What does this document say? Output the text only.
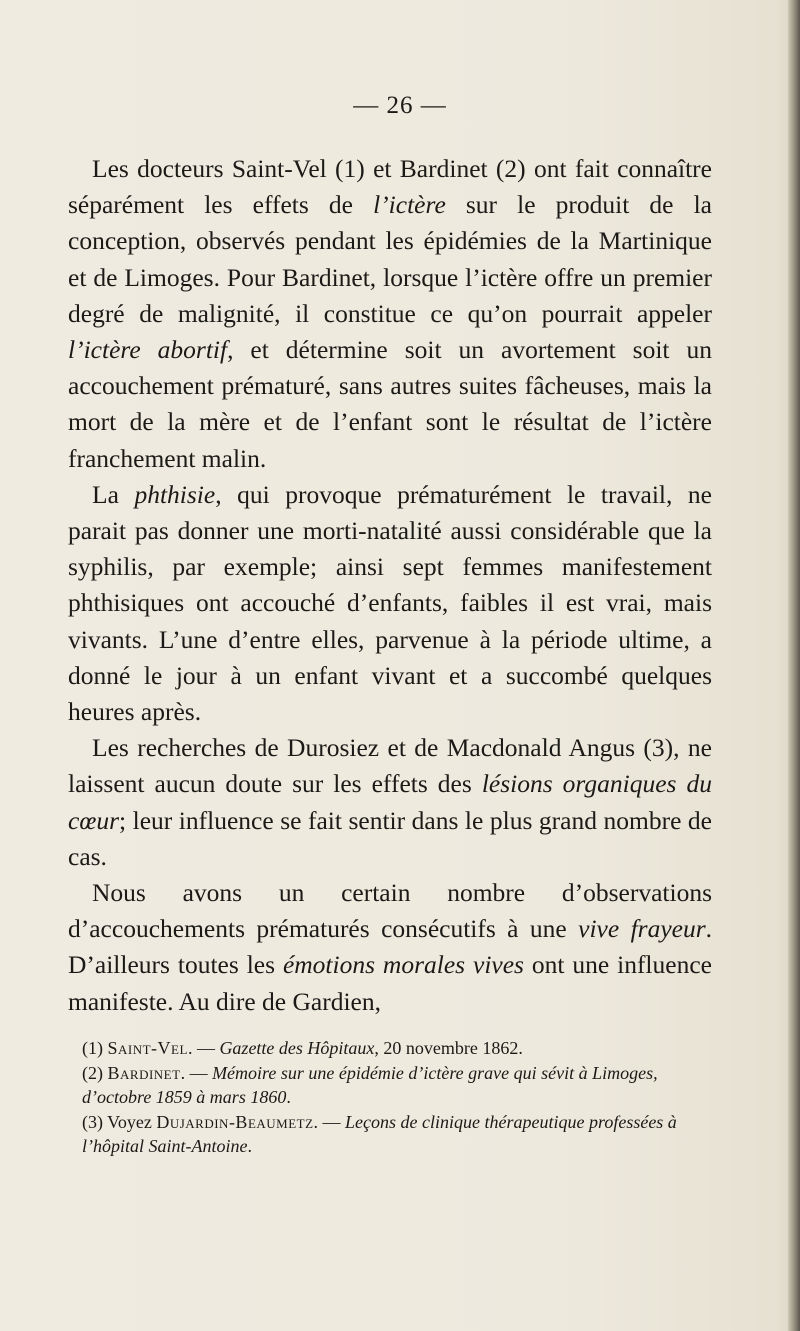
— 26 —

Les docteurs Saint-Vel (1) et Bardinet (2) ont fait connaître séparément les effets de l’ictère sur le produit de la conception, observés pendant les épidémies de la Martinique et de Limoges. Pour Bardinet, lorsque l’ictère offre un premier degré de malignité, il constitue ce qu’on pourrait appeler l’ictère abortif, et détermine soit un avortement soit un accouchement prématuré, sans autres suites fâcheuses, mais la mort de la mère et de l’enfant sont le résultat de l’ictère franchement malin.

La phthisie, qui provoque prématurément le travail, ne parait pas donner une morti-natalité aussi considérable que la syphilis, par exemple; ainsi sept femmes manifestement phthisiques ont accouché d’enfants, faibles il est vrai, mais vivants. L’une d’entre elles, parvenue à la période ultime, a donné le jour à un enfant vivant et a succombé quelques heures après.

Les recherches de Durosiez et de Macdonald Angus (3), ne laissent aucun doute sur les effets des lésions organiques du cœur; leur influence se fait sentir dans le plus grand nombre de cas.

Nous avons un certain nombre d’observations d’accouchements prématurés consécutifs à une vive frayeur. D’ailleurs toutes les émotions morales vives ont une influence manifeste. Au dire de Gardien,

(1) Saint-Vel. — Gazette des Hôpitaux, 20 novembre 1862.
(2) Bardinet. — Mémoire sur une épidémie d’ictère grave qui sévit à Limoges, d’octobre 1859 à mars 1860.
(3) Voyez Dujardin-Beaumetz. — Leçons de clinique thérapeutique professées à l’hôpital Saint-Antoine.
